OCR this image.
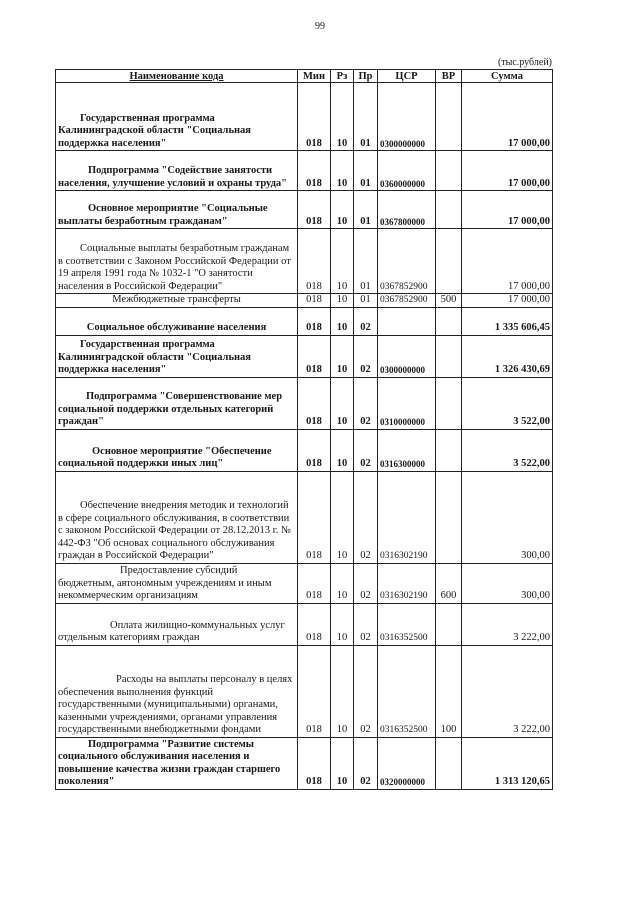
99
(тыс.рублей)
Наименование кода	Мин	Рз	Пр	ЦСР	ВР	Сумма
Государственная программа Калининградской области "Социальная поддержка населения"	018	10	01	0300000000		17 000,00
Подпрограмма "Содействие занятости населения, улучшение условий и охраны труда"	018	10	01	0360000000		17 000,00
Основное мероприятие "Социальные выплаты безработным гражданам"	018	10	01	0367800000		17 000,00
Социальные выплаты безработным гражданам в соответствии с Законом Российской Федерации от 19 апреля 1991 года № 1032-1 "О занятости населения в Российской Федерации"	018	10	01	0367852900		17 000,00
Межбюджетные трансферты	018	10	01	0367852900	500	17 000,00
Социальное обслуживание населения	018	10	02			1 335 606,45
Государственная программа Калининградской области "Социальная поддержка населения"	018	10	02	0300000000		1 326 430,69
Подпрограмма "Совершенствование мер социальной поддержки отдельных категорий граждан"	018	10	02	0310000000		3 522,00
Основное мероприятие "Обеспечение социальной поддержки иных лиц"	018	10	02	0316300000		3 522,00
Обеспечение внедрения методик и технологий в сфере социального обслуживания, в соответствии с законом Российской Федерации от 28.12.2013 г. № 442-ФЗ "Об основах социального обслуживания граждан в Российской Федерации"	018	10	02	0316302190		300,00
Предоставление субсидий бюджетным, автономным учреждениям и иным некоммерческим организациям	018	10	02	0316302190	600	300,00
Оплата жилищно-коммунальных услуг отдельным категориям граждан	018	10	02	0316352500		3 222,00
Расходы на выплаты персоналу в целях обеспечения выполнения функций государственными (муниципальными) органами, казенными учреждениями, органами управления государственными внебюджетными фондами	018	10	02	0316352500	100	3 222,00
Подпрограмма "Развитие системы социального обслуживания населения и повышение качества жизни граждан старшего поколения"	018	10	02	0320000000		1 313 120,65
